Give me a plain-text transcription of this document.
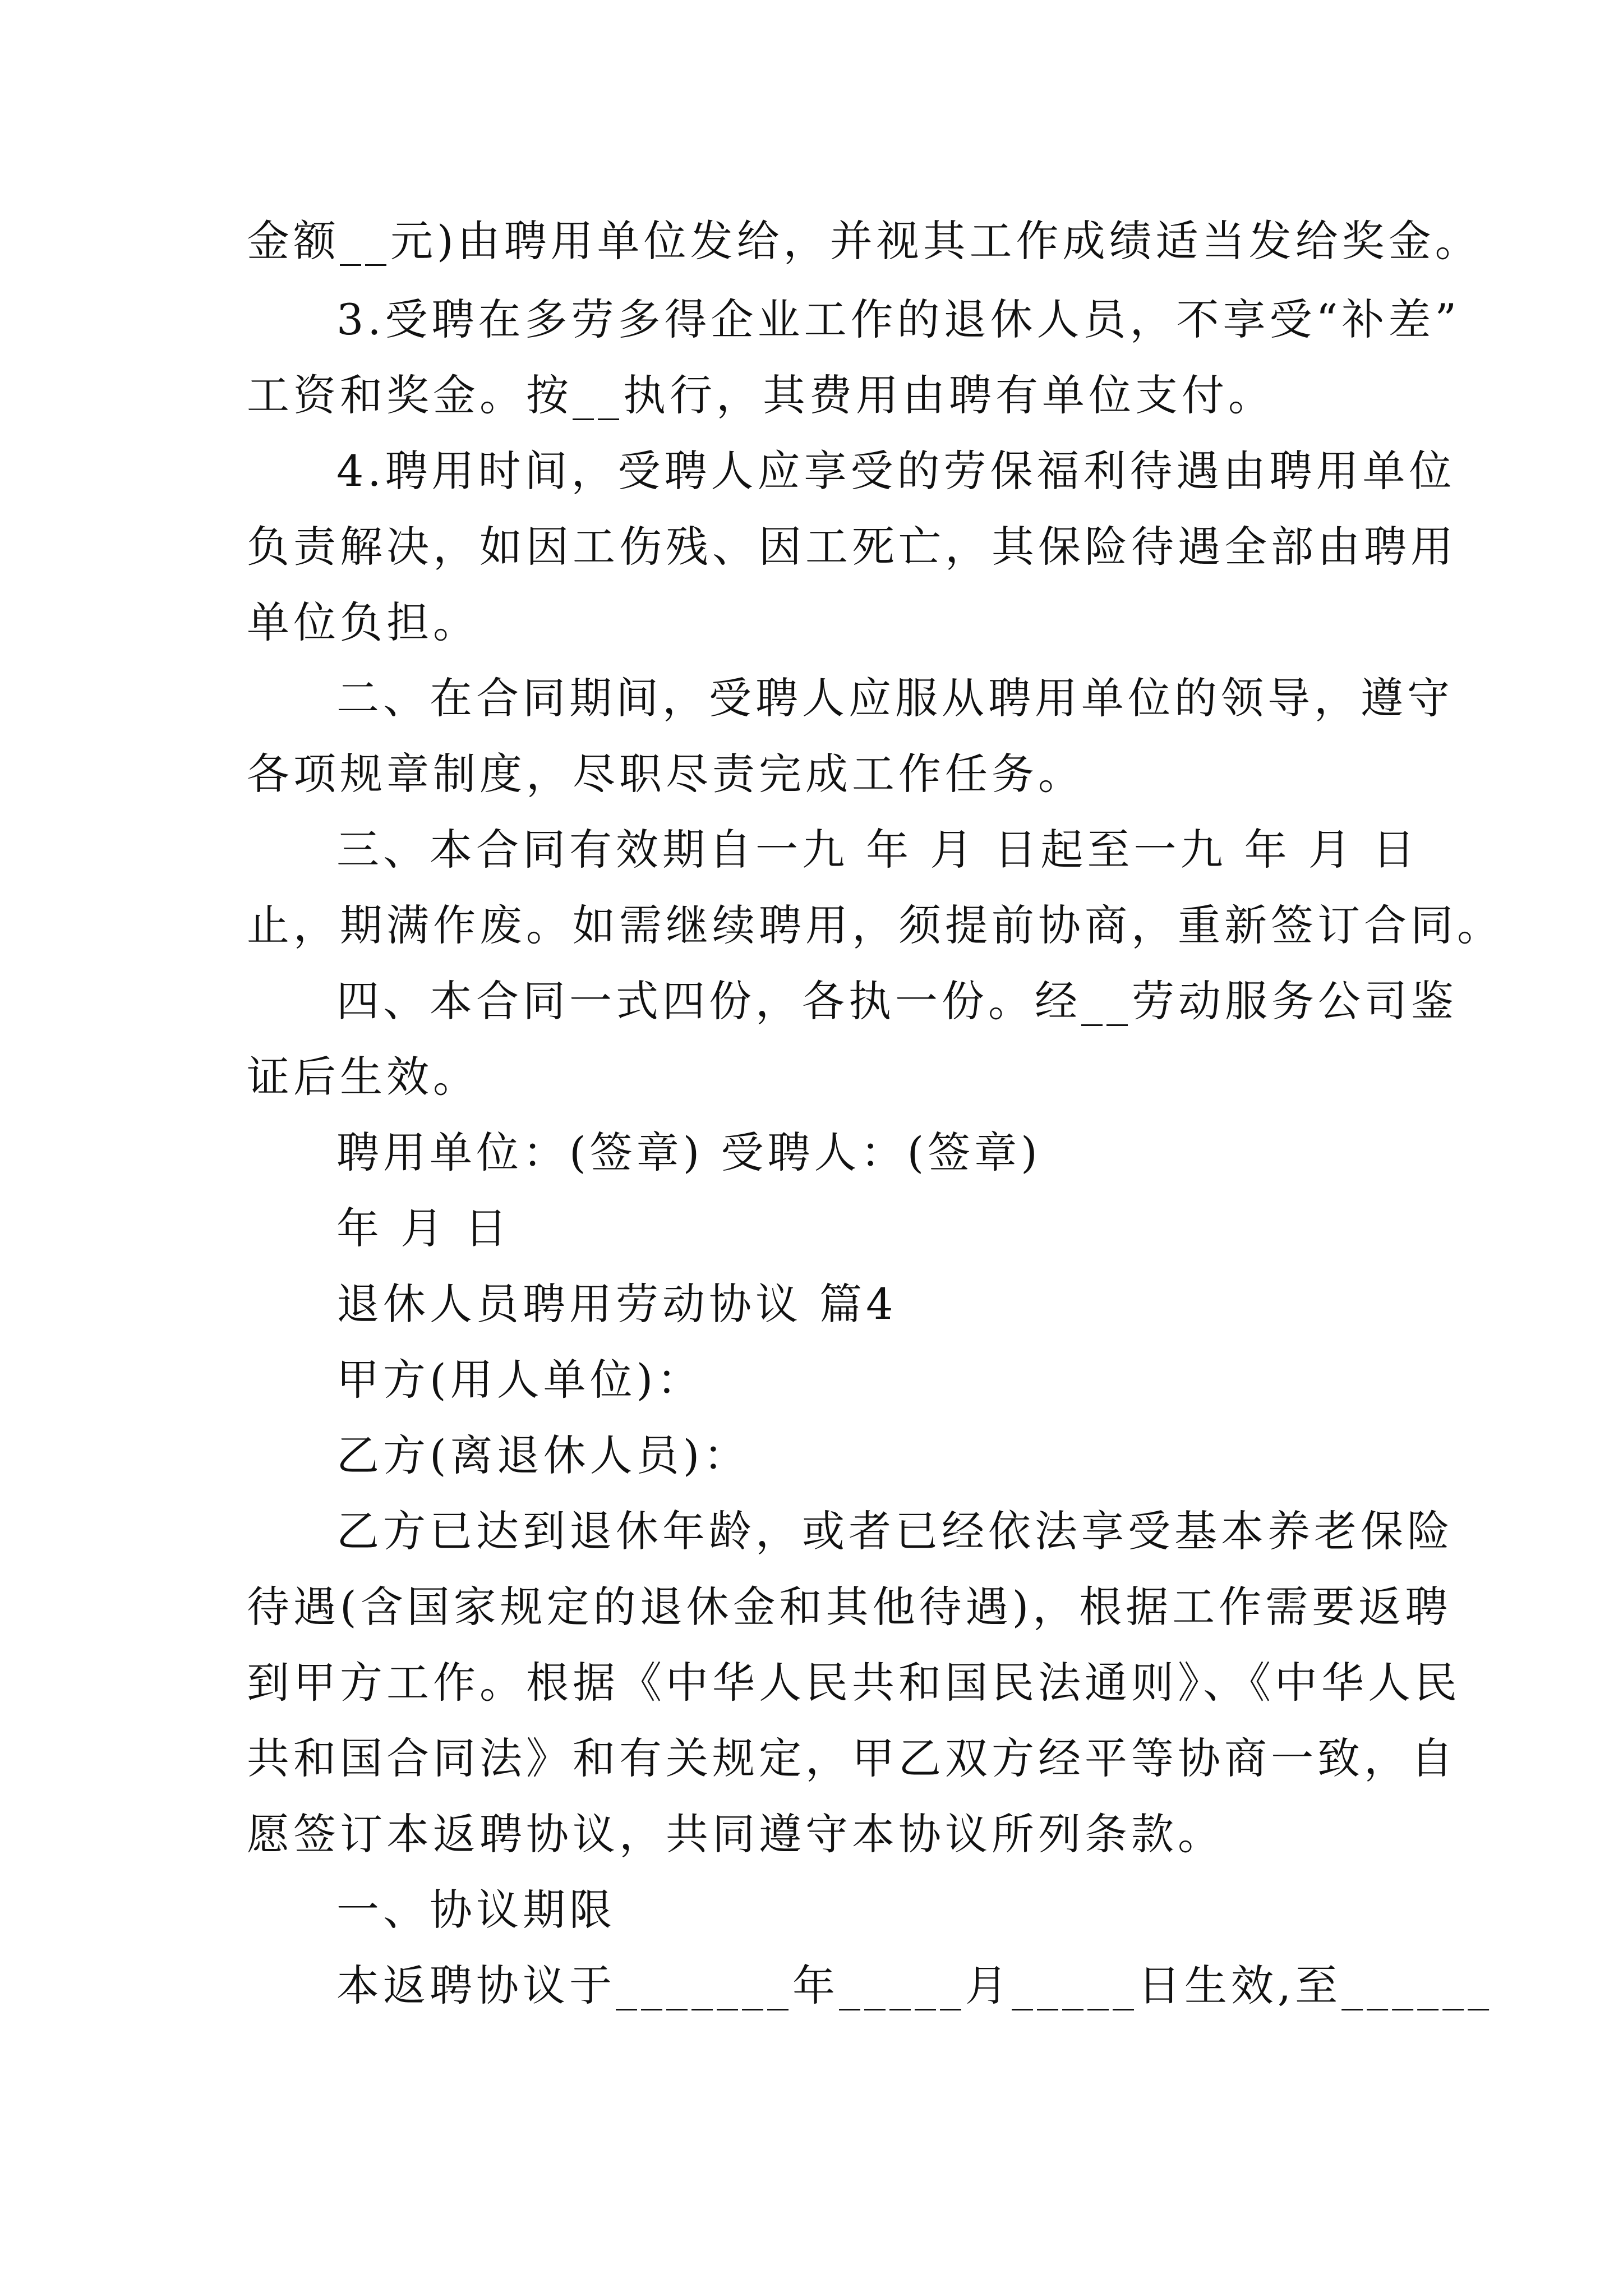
金额__元)由聘用单位发给，并视其工作成绩适当发给奖金。
3.受聘在多劳多得企业工作的退休人员，不享受“补差”
工资和奖金。按__执行，其费用由聘有单位支付。
4.聘用时间，受聘人应享受的劳保福利待遇由聘用单位
负责解决，如因工伤残、因工死亡，其保险待遇全部由聘用
单位负担。
二、在合同期间，受聘人应服从聘用单位的领导，遵守
各项规章制度，尽职尽责完成工作任务。
三、本合同有效期自一九 年 月 日起至一九 年 月 日
止，期满作废。如需继续聘用，须提前协商，重新签订合同。
四、本合同一式四份，各执一份。经__劳动服务公司鉴
证后生效。
聘用单位：(签章) 受聘人：(签章)
年 月 日
退休人员聘用劳动协议 篇4
甲方(用人单位)：
乙方(离退休人员)：
乙方已达到退休年龄，或者已经依法享受基本养老保险
待遇(含国家规定的退休金和其他待遇)，根据工作需要返聘
到甲方工作。根据《中华人民共和国民法通则》、《中华人民
共和国合同法》和有关规定，甲乙双方经平等协商一致，自
愿签订本返聘协议，共同遵守本协议所列条款。
一、协议期限
本返聘协议于_______年_____月_____日生效,至______
